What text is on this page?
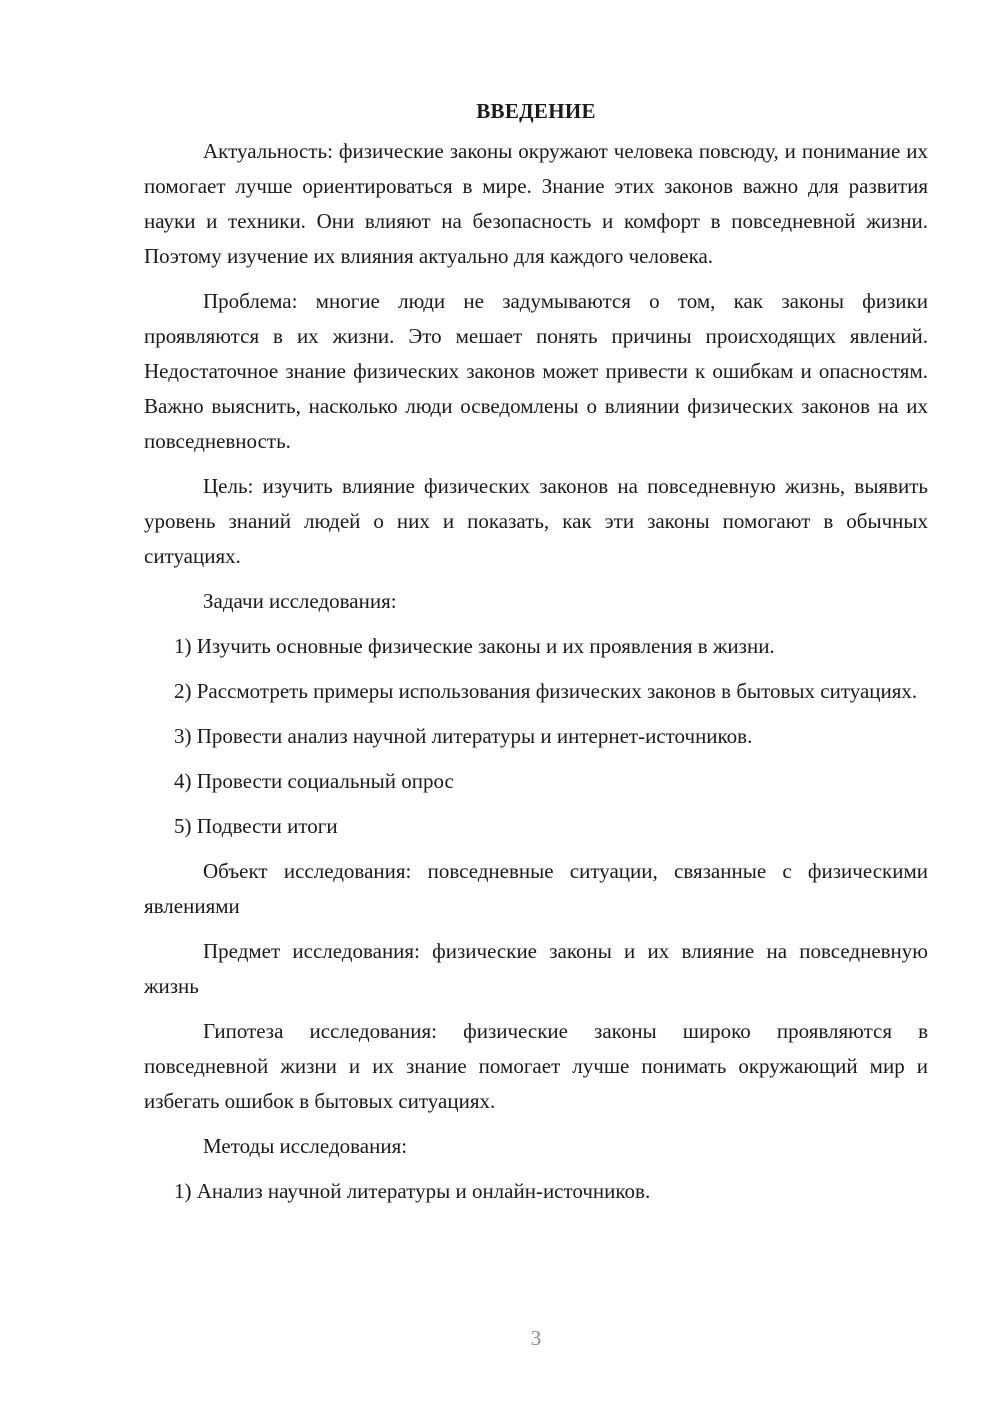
ВВЕДЕНИЕ

Актуальность: физические законы окружают человека повсюду, и понимание их помогает лучше ориентироваться в мире. Знание этих законов важно для развития науки и техники. Они влияют на безопасность и комфорт в повседневной жизни. Поэтому изучение их влияния актуально для каждого человека.

Проблема: многие люди не задумываются о том, как законы физики проявляются в их жизни. Это мешает понять причины происходящих явлений. Недостаточное знание физических законов может привести к ошибкам и опасностям. Важно выяснить, насколько люди осведомлены о влиянии физических законов на их повседневность.

Цель: изучить влияние физических законов на повседневную жизнь, выявить уровень знаний людей о них и показать, как эти законы помогают в обычных ситуациях.

Задачи исследования:

1) Изучить основные физические законы и их проявления в жизни.

2) Рассмотреть примеры использования физических законов в бытовых ситуациях.

3) Провести анализ научной литературы и интернет-источников.

4) Провести социальный опрос

5) Подвести итоги

Объект исследования: повседневные ситуации, связанные с физическими явлениями

Предмет исследования: физические законы и их влияние на повседневную жизнь

Гипотеза исследования: физические законы широко проявляются в повседневной жизни и их знание помогает лучше понимать окружающий мир и избегать ошибок в бытовых ситуациях.

Методы исследования:

1) Анализ научной литературы и онлайн-источников.

3
